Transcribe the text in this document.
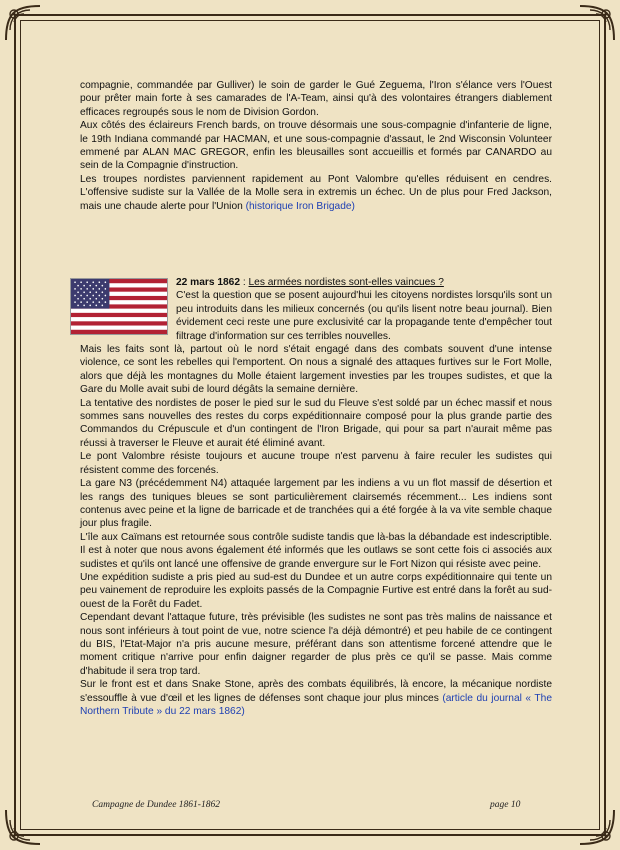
compagnie, commandée par Gulliver) le soin de garder le Gué Zeguema, l'Iron s'élance vers l'Ouest pour prêter main forte à ses camarades de l'A-Team, ainsi qu'à des volontaires étrangers diablement efficaces regroupés sous le nom de Division Gordon.

Aux côtés des éclaireurs French bards, on trouve désormais une sous-compagnie d'infanterie de ligne, le 19th Indiana commandé par HACMAN, et une sous-compagnie d'assaut, le 2nd Wisconsin Volunteer emmené par ALAN MAC GREGOR, enfin les bleusailles sont accueillis et formés par CANARDO au sein de la Compagnie d'instruction.

Les troupes nordistes parviennent rapidement au Pont Valombre qu'elles réduisent en cendres. L'offensive sudiste sur la Vallée de la Molle sera in extremis un échec. Un de plus pour Fred Jackson, mais une chaude alerte pour l'Union (historique Iron Brigade)

22 mars 1862 : Les armées nordistes sont-elles vaincues ?

C'est la question que se posent aujourd'hui les citoyens nordistes lorsqu'ils sont un peu introduits dans les milieux concernés (ou qu'ils lisent notre beau journal). Bien évidement ceci reste une pure exclusivité car la propagande tente d'empêcher tout filtrage d'information sur ces terribles nouvelles.

Mais les faits sont là, partout où le nord s'était engagé dans des combats souvent d'une intense violence, ce sont les rebelles qui l'emportent. On nous a signalé des attaques furtives sur le Fort Molle, alors que déjà les montagnes du Molle étaient largement investies par les troupes sudistes, et que la Gare du Molle avait subi de lourd dégâts la semaine dernière.

La tentative des nordistes de poser le pied sur le sud du Fleuve s'est soldé par un échec massif et nous sommes sans nouvelles des restes du corps expéditionnaire composé pour la plus grande partie des Commandos du Crépuscule et d'un contingent de l'Iron Brigade, qui pour sa part n'aurait même pas réussi à traverser le Fleuve et aurait été éliminé avant.

Le pont Valombre résiste toujours et aucune troupe n'est parvenu à faire reculer les sudistes qui résistent comme des forcenés.

La gare N3 (précédemment N4) attaquée largement par les indiens a vu un flot massif de désertion et les rangs des tuniques bleues se sont particulièrement clairsemés récemment... Les indiens sont contenus avec peine et la ligne de barricade et de tranchées qui a été forgée à la va vite semble chaque jour plus fragile.

L'île aux Caïmans est retournée sous contrôle sudiste tandis que là-bas la débandade est indescriptible. Il est à noter que nous avons également été informés que les outlaws se sont cette fois ci associés aux sudistes et qu'ils ont lancé une offensive de grande envergure sur le Fort Nizon qui résiste avec peine.

Une expédition sudiste a pris pied au sud-est du Dundee et un autre corps expéditionnaire qui tente un peu vainement de reproduire les exploits passés de la Compagnie Furtive est entré dans la forêt au sud-ouest de la Forêt du Fadet.

Cependant devant l'attaque future, très prévisible (les sudistes ne sont pas très malins de naissance et nous sont inférieurs à tout point de vue, notre science l'a déjà démontré) et peu habile de ce contingent du BIS, l'Etat-Major n'a pris aucune mesure, préférant dans son attentisme forcené attendre que le moment critique n'arrive pour enfin daigner regarder de plus près ce qu'il se passe. Mais comme d'habitude il sera trop tard.

Sur le front est et dans Snake Stone, après des combats équilibrés, là encore, la mécanique nordiste s'essouffle à vue d'œil et les lignes de défenses sont chaque jour plus minces (article du journal « The Northern Tribute » du 22 mars 1862)

Campagne de Dundee 1861-1862	page 10
